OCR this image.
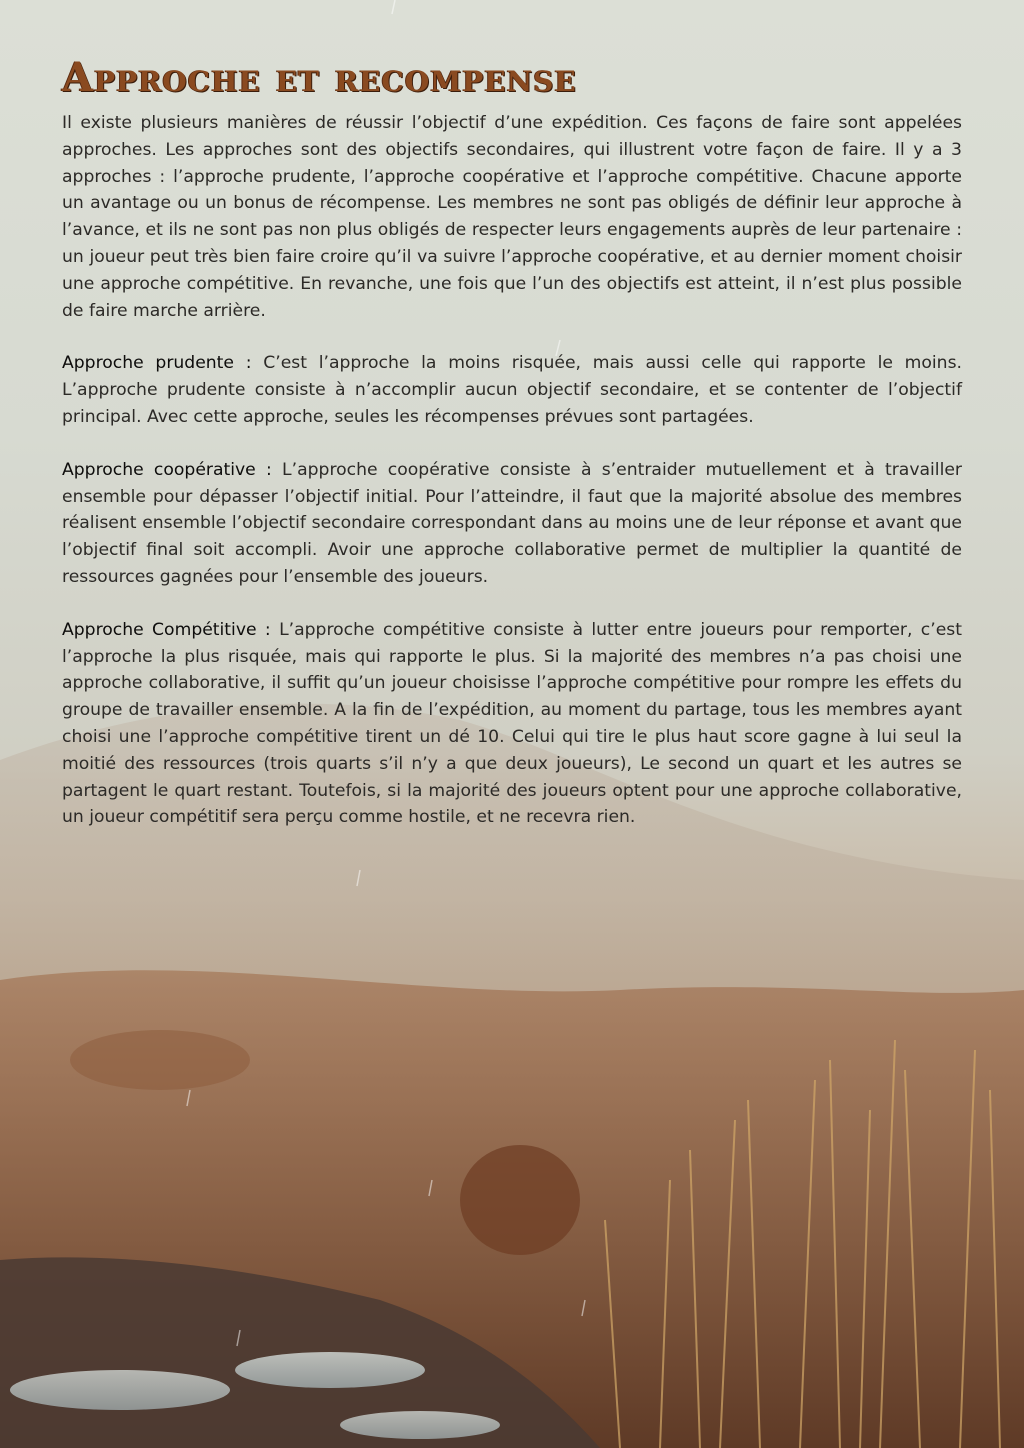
Approche et recompense

Il existe plusieurs manières de réussir l’objectif d’une expédition. Ces façons de faire sont appelées approches. Les approches sont des objectifs secondaires, qui illustrent votre façon de faire. Il y a 3 approches : l’approche prudente, l’approche coopérative et l’approche compétitive. Chacune apporte un avantage ou un bonus de récompense. Les membres ne sont pas obligés de définir leur approche à l’avance, et ils ne sont pas non plus obligés de respecter leurs engagements auprès de leur partenaire : un joueur peut très bien faire croire qu’il va suivre l’approche coopérative, et au dernier moment choisir une approche compétitive. En revanche, une fois que l’un des objectifs est atteint, il n’est plus possible de faire marche arrière.

Approche prudente : C’est l’approche la moins risquée, mais aussi celle qui rapporte le moins. L’approche prudente consiste à n’accomplir aucun objectif secondaire, et se contenter de l’objectif principal. Avec cette approche, seules les récompenses prévues sont partagées.

Approche coopérative : L’approche coopérative consiste à s’entraider mutuellement et à travailler ensemble pour dépasser l’objectif initial. Pour l’atteindre, il faut que la majorité absolue des membres réalisent ensemble l’objectif secondaire correspondant dans au moins une de leur réponse et avant que l’objectif final soit accompli. Avoir une approche collaborative permet de multiplier la quantité de ressources gagnées pour l’ensemble des joueurs.

Approche Compétitive : L’approche compétitive consiste à lutter entre joueurs pour remporter, c’est l’approche la plus risquée, mais qui rapporte le plus. Si la majorité des membres n’a pas choisi une approche collaborative, il suffit qu’un joueur choisisse l’approche compétitive pour rompre les effets du groupe de travailler ensemble. A la fin de l’expédition, au moment du partage, tous les membres ayant choisi une l’approche compétitive tirent un dé 10. Celui qui tire le plus haut score gagne à lui seul la moitié des ressources (trois quarts s’il n’y a que deux joueurs), Le second un quart et les autres se partagent le quart restant. Toutefois, si la majorité des joueurs optent pour une approche collaborative, un joueur compétitif sera perçu comme hostile, et ne recevra rien.
